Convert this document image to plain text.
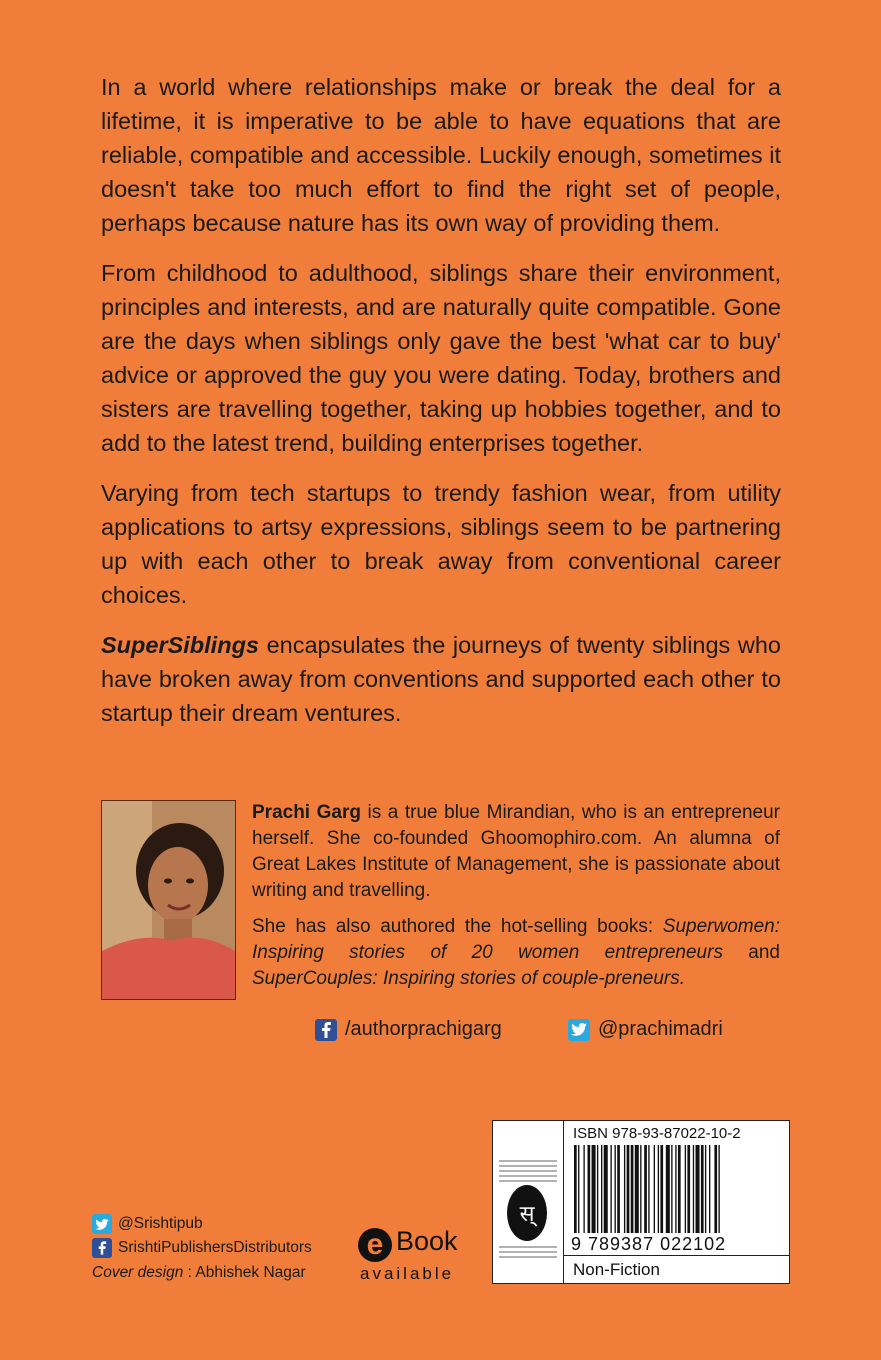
In a world where relationships make or break the deal for a lifetime, it is imperative to be able to have equations that are reliable, compatible and accessible. Luckily enough, sometimes it doesn't take too much effort to find the right set of people, perhaps because nature has its own way of providing them.

From childhood to adulthood, siblings share their environment, principles and interests, and are naturally quite compatible. Gone are the days when siblings only gave the best 'what car to buy' advice or approved the guy you were dating. Today, brothers and sisters are travelling together, taking up hobbies together, and to add to the latest trend, building enterprises together.

Varying from tech startups to trendy fashion wear, from utility applications to artsy expressions, siblings seem to be partnering up with each other to break away from conventional career choices.

SuperSiblings encapsulates the journeys of twenty siblings who have broken away from conventions and supported each other to startup their dream ventures.

Prachi Garg is a true blue Mirandian, who is an entrepreneur herself. She co-founded Ghoomophiro.com. An alumna of Great Lakes Institute of Management, she is passionate about writing and travelling.

She has also authored the hot-selling books: Superwomen: Inspiring stories of 20 women entrepreneurs and SuperCouples: Inspiring stories of couple-preneurs.

/authorprachigarg	@prachimadri
@Srishtipub
SrishtiPublishersDistributors
Cover design : Abhishek Nagar
e Book
available
स्
ISBN 978-93-87022-10-2
9 789387 022102
Non-Fiction
